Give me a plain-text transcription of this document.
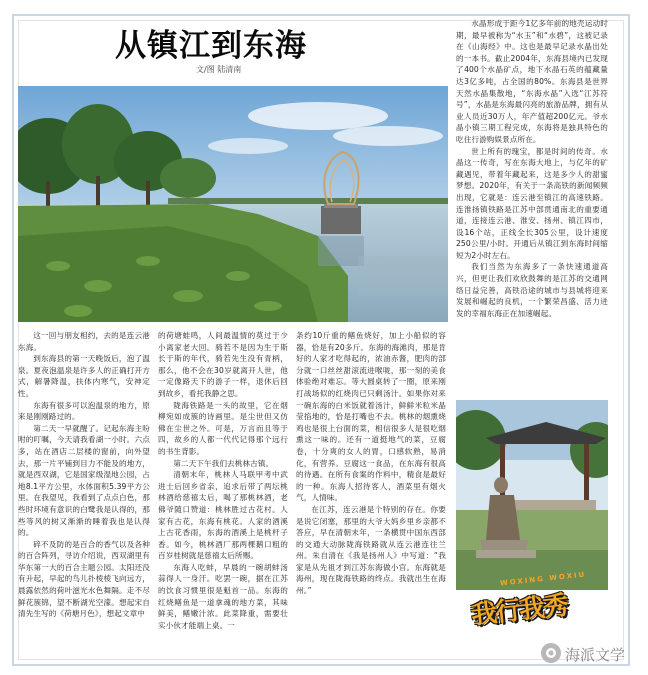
从镇江到东海
文/图 陆清南

这一回与朋友相约，去的是连云港东海。

到东海县的第一天晚饭后，泡了温泉。夏夜泡温泉是许多人的正确打开方式，解暑降温，扶体内寒气，安神定性。

东海有很多可以泡温泉的地方，原来是刚刚路过的。

第二天一早就醒了。记起东海主吩咐的叮嘱，今天请我看湖一小时。六点多，站在酒店二层楼的窗前，向外望去，那一片平铺到目力不能及的地方，就是西双湖，它是国家级湿地公园，占地8.1平方公里，水体面积5.39平方公里。在我望见，我看到了点点白色，那些时环境有意识的白鹭我是认得的，那些等风的树又渐渐的睡着我也是认得的。

碎不及防的是百合的香气以及各种的百合阵列，寻访介绍说，西双湖里有华东第一大的百合主题公园。太阳还没有升起，早起的鸟儿扑棱棱飞向远方，晨露依然的荷叶滋光水色舞隔。走不尽鲜花簇锦，望不断湖光空濛。想起宋自清先生写的《荷塘月色》，想起文章中

的荷塘蛙鸣，人间最温情的莫过于少小离家老大回。骑若不是因为生于斯长于斯的年代，骑若先生没有青柄，那么，他不会在30岁就离开人世，他一定像路天下的游子一样，退休后回到故乡，看托我静之思。

陇海铁路是一头的故里，它在烟柳宛如成簇的诗画里。是尘世但又仿佛在尘世之外。可是，万言而且等于四，故乡的人都一代代记得那个远行的书生背影。

第二天下午我们去桃林古镇。

清朝末年，桃林人马联甲考中武进士后回乡省亲，追求后带了两坛桃林酒给慈禧太后，喝了那桃林酒，老佛爷随口赞道：桃林胜过古花村。人家有古花，东海有桃花。人家的酒溪上古花香雨，东海的酒溪上是桃杆子香。如今，桃林酒厂那两棵鹅口粗的百岁桂树就是慈禧太后所赐。

东海人吃蚌，早晨的一碗胡蚌汤蒜得人一身汗。吃罢一碗，据在江苏的饮食习惯里很是魁首一品。东海的红烧鳝鱼是一道拿魂的地方菜，其味鲜美，鳝嫩汁浓。此菜降重，需要壮实小伙才能端上桌。一

条约10斤重的鳝鱼烧好，加上小船似的容器，恰是有20多斤。东海的海滩肉，那是肯好的人家才吃得起的，浓油赤酱，肥肉的部分就一口丝丝甜滚流进喉咙，那一刻的美食体验绝对难忘。等大圆桌转了一圈，原来刚打战场似的红烧肉已只剩汤汁。如果你对来一碗东海的白米饭就着汤汁，鲜鲜米粒米晶莹掐地的，恰是打嘴也不去。桃林的烟熏烧鸡也是很上台面的菜，相信很多人是很吃烟熏这一味的。还有一道挺地气的菜，豆腐卷，十分爽的女人的胃，口感软熟，易消化，有营养。豆腐这一食品，在东海有很高的待遇。在所有食案的作料中，精食是最好的一种。东海人招待客人，酒菜里有烟火气，人情味。

在江苏，连云港是个特别的存在。你要是说它闭塞，那里的大爷大妈乡里乡亲都不答应，早在清朝末年，一条横贯中国东西部的交通大动脉陇海铁路就从连云港连往兰州。朱自清在《我是扬州人》中写道：“我家是从先祖才到江苏东海做小官。东海就是海州，现在陇海铁路的终点。我就出生在海州。”

水晶形成于距今1亿多年前的地壳运动时期，最早被称为“水玉”和“水碧”，这被记录在《山海经》中。这也是最早记录水晶出处的一本书。截止2004年，东海县境内已发现了400个水晶矿点，地下水晶石英的蕴藏量达3亿多吨，占全国的80%。东海县是世界天然水晶集散地，“东海水晶”入选“江苏符号”，水晶是东海最闪亮的旅游品牌，拥有从业人员近30万人，年产值超200亿元。爷水晶小镇三期工程完成，东海将是独具特色的吃住行游购娱景点所在。

世上所有的瑰宝，都是时间的传奇。水晶这一传奇，写在东海大地上，与亿年的矿藏遇见，带着年藏起来，这是多少人的甜蜜梦想。2020年，有关于一条高铁的新闻频频出现，它就是：连云港至镇江的高速铁路。连淮扬镇铁路是江苏中部贯通南北的重要通道，连接连云港、淮安、扬州、镇江四市，设16个站，正线全长305公里，设计速度250公里/小时。开通后从镇江到东海时间缩短为2小时左右。

我们当然为东海多了一条快速通道高兴，但更让我们欢欣鼓舞的是江苏的交通网络日益完善，高铁沿途的城市与县城将迎来发展和崛起的良机，一个繁荣昌盛、活力迸发的幸福东海正在加速崛起。

WOXING WOXIU
我行我秀
海派文学
